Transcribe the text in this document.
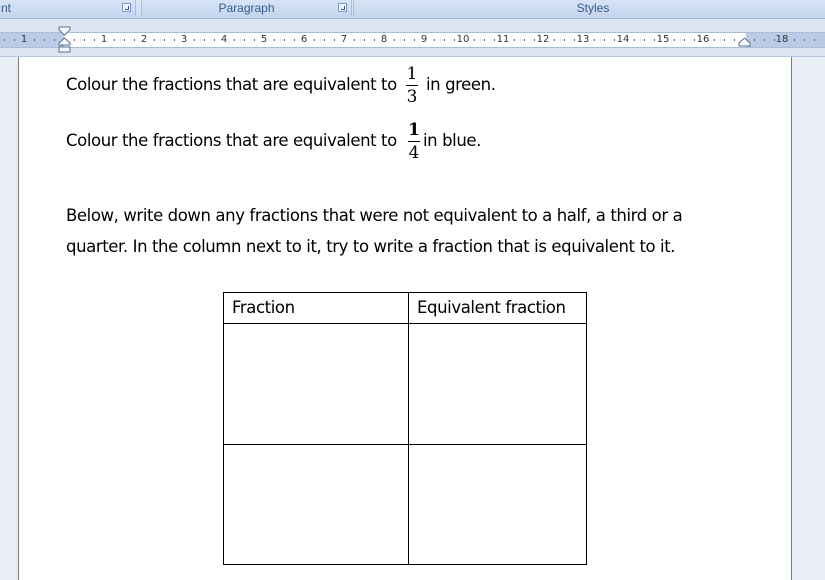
nt	Paragraph	Styles
1	1	2	3	4	5	6	7	8	9	10	11	12	13	14	15	16	18
Colour the fractions that are equivalent to
1
3
in green.
Colour the fractions that are equivalent to
1
4
in blue.
Below, write down any fractions that were not equivalent to a half, a third or a
quarter. In the column next to it, try to write a fraction that is equivalent to it.
Fraction	Equivalent fraction
